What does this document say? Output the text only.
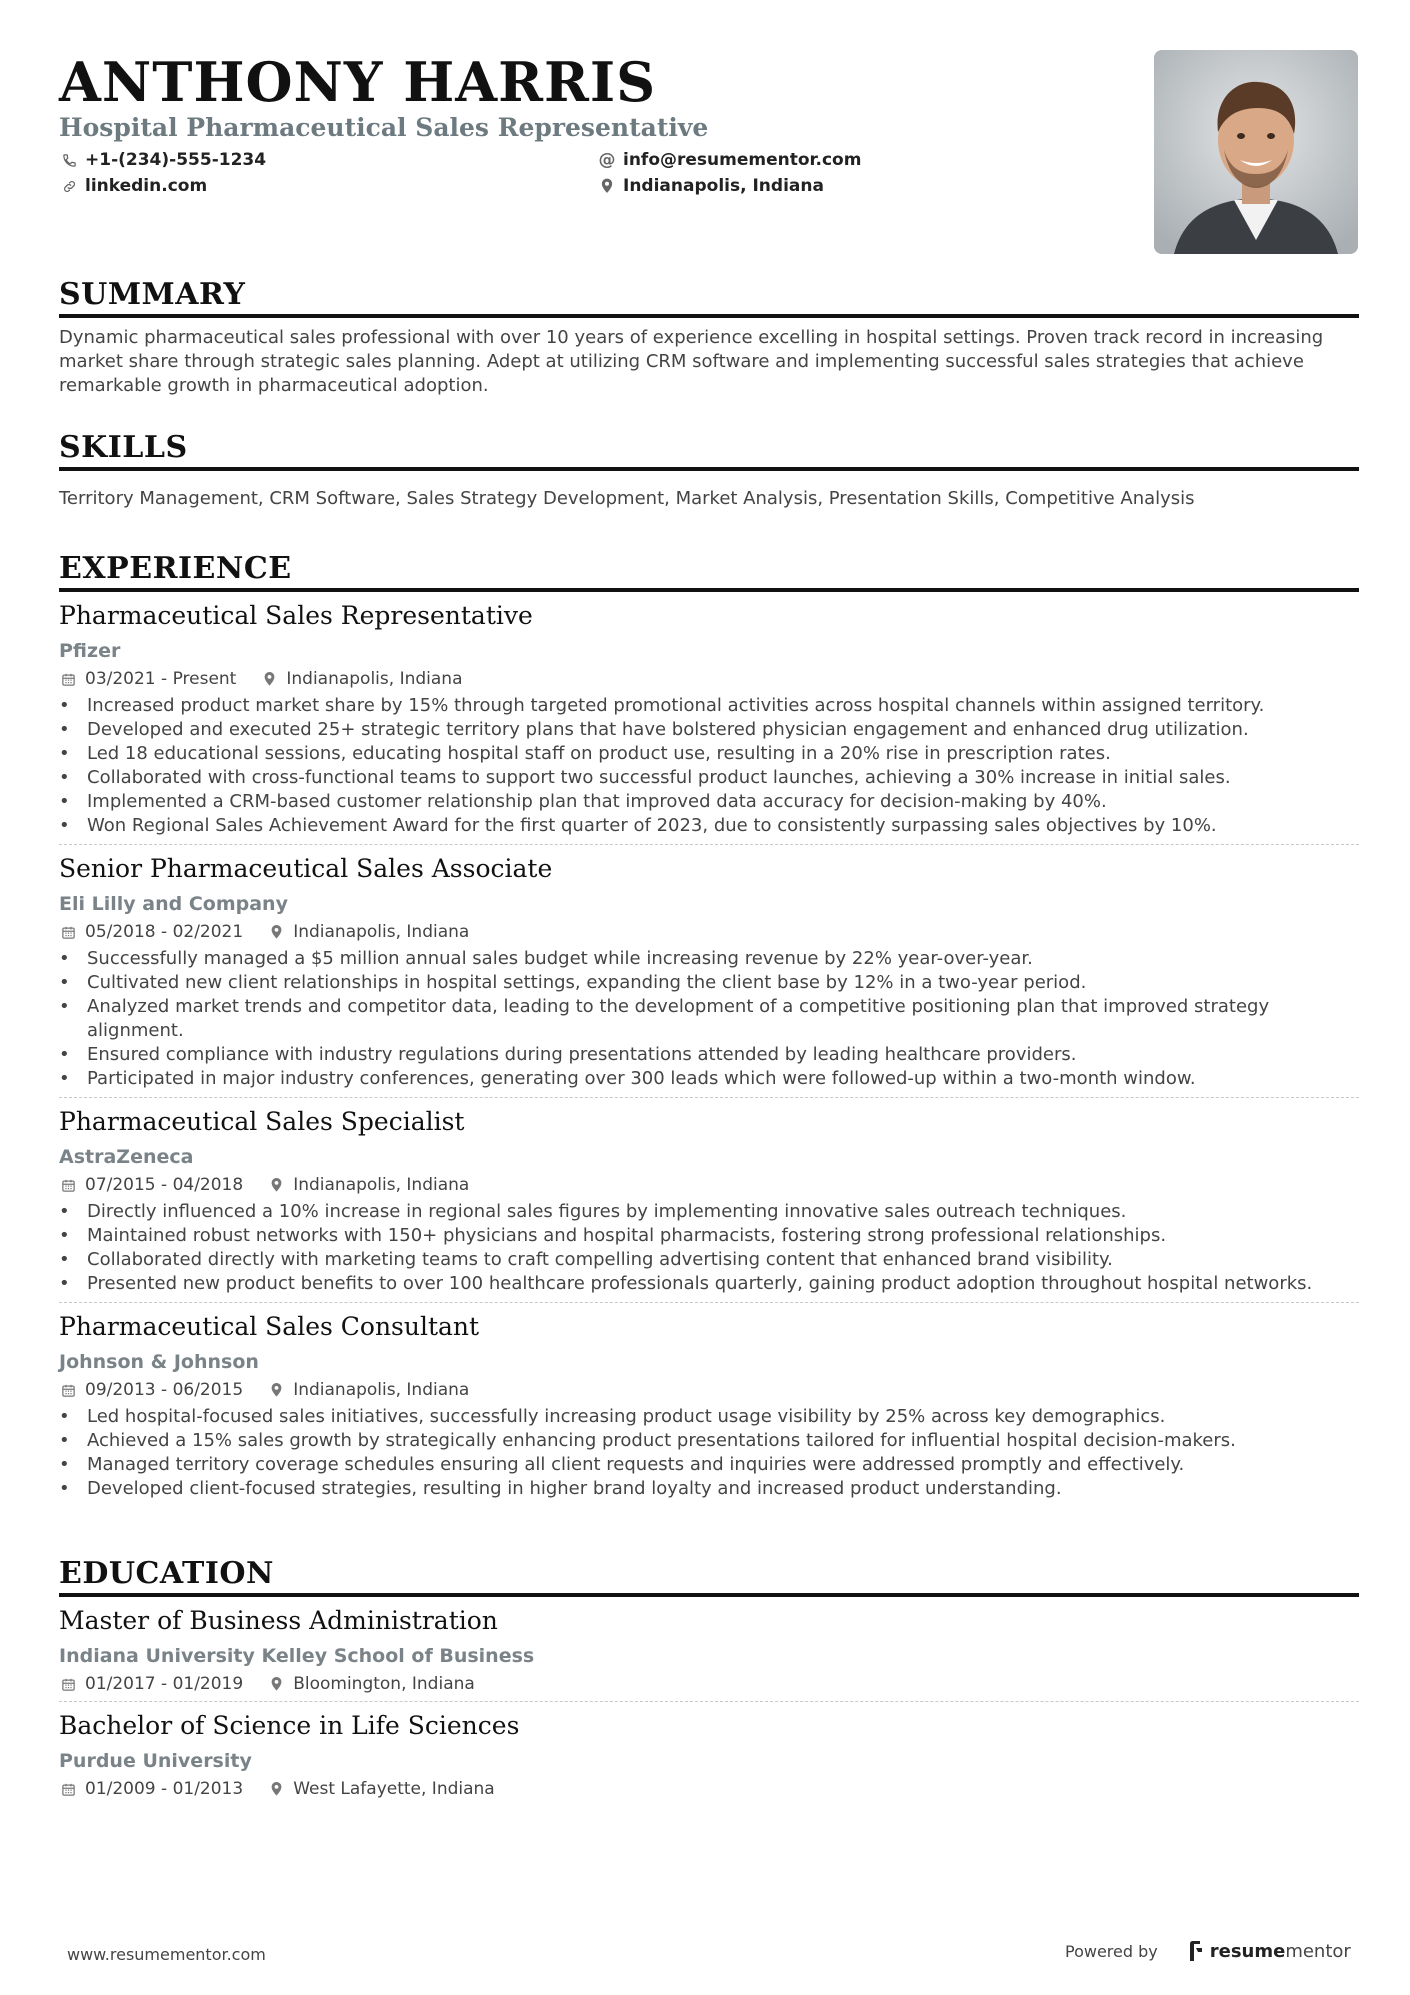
ANTHONY HARRIS
Hospital Pharmaceutical Sales Representative
+1-(234)-555-1234	@ info@resumementor.com
linkedin.com	Indianapolis, Indiana
SUMMARY
Dynamic pharmaceutical sales professional with over 10 years of experience excelling in hospital settings. Proven track record in increasing market share through strategic sales planning. Adept at utilizing CRM software and implementing successful sales strategies that achieve remarkable growth in pharmaceutical adoption.
SKILLS
Territory Management, CRM Software, Sales Strategy Development, Market Analysis, Presentation Skills, Competitive Analysis
EXPERIENCE
Pharmaceutical Sales Representative
Pfizer
03/2021 - Present	Indianapolis, Indiana
• Increased product market share by 15% through targeted promotional activities across hospital channels within assigned territory.
• Developed and executed 25+ strategic territory plans that have bolstered physician engagement and enhanced drug utilization.
• Led 18 educational sessions, educating hospital staff on product use, resulting in a 20% rise in prescription rates.
• Collaborated with cross-functional teams to support two successful product launches, achieving a 30% increase in initial sales.
• Implemented a CRM-based customer relationship plan that improved data accuracy for decision-making by 40%.
• Won Regional Sales Achievement Award for the first quarter of 2023, due to consistently surpassing sales objectives by 10%.
Senior Pharmaceutical Sales Associate
Eli Lilly and Company
05/2018 - 02/2021	Indianapolis, Indiana
• Successfully managed a $5 million annual sales budget while increasing revenue by 22% year-over-year.
• Cultivated new client relationships in hospital settings, expanding the client base by 12% in a two-year period.
• Analyzed market trends and competitor data, leading to the development of a competitive positioning plan that improved strategy alignment.
• Ensured compliance with industry regulations during presentations attended by leading healthcare providers.
• Participated in major industry conferences, generating over 300 leads which were followed-up within a two-month window.
Pharmaceutical Sales Specialist
AstraZeneca
07/2015 - 04/2018	Indianapolis, Indiana
• Directly influenced a 10% increase in regional sales figures by implementing innovative sales outreach techniques.
• Maintained robust networks with 150+ physicians and hospital pharmacists, fostering strong professional relationships.
• Collaborated directly with marketing teams to craft compelling advertising content that enhanced brand visibility.
• Presented new product benefits to over 100 healthcare professionals quarterly, gaining product adoption throughout hospital networks.
Pharmaceutical Sales Consultant
Johnson & Johnson
09/2013 - 06/2015	Indianapolis, Indiana
• Led hospital-focused sales initiatives, successfully increasing product usage visibility by 25% across key demographics.
• Achieved a 15% sales growth by strategically enhancing product presentations tailored for influential hospital decision-makers.
• Managed territory coverage schedules ensuring all client requests and inquiries were addressed promptly and effectively.
• Developed client-focused strategies, resulting in higher brand loyalty and increased product understanding.
EDUCATION
Master of Business Administration
Indiana University Kelley School of Business
01/2017 - 01/2019	Bloomington, Indiana
Bachelor of Science in Life Sciences
Purdue University
01/2009 - 01/2013	West Lafayette, Indiana
www.resumementor.com	Powered by	resume mentor
